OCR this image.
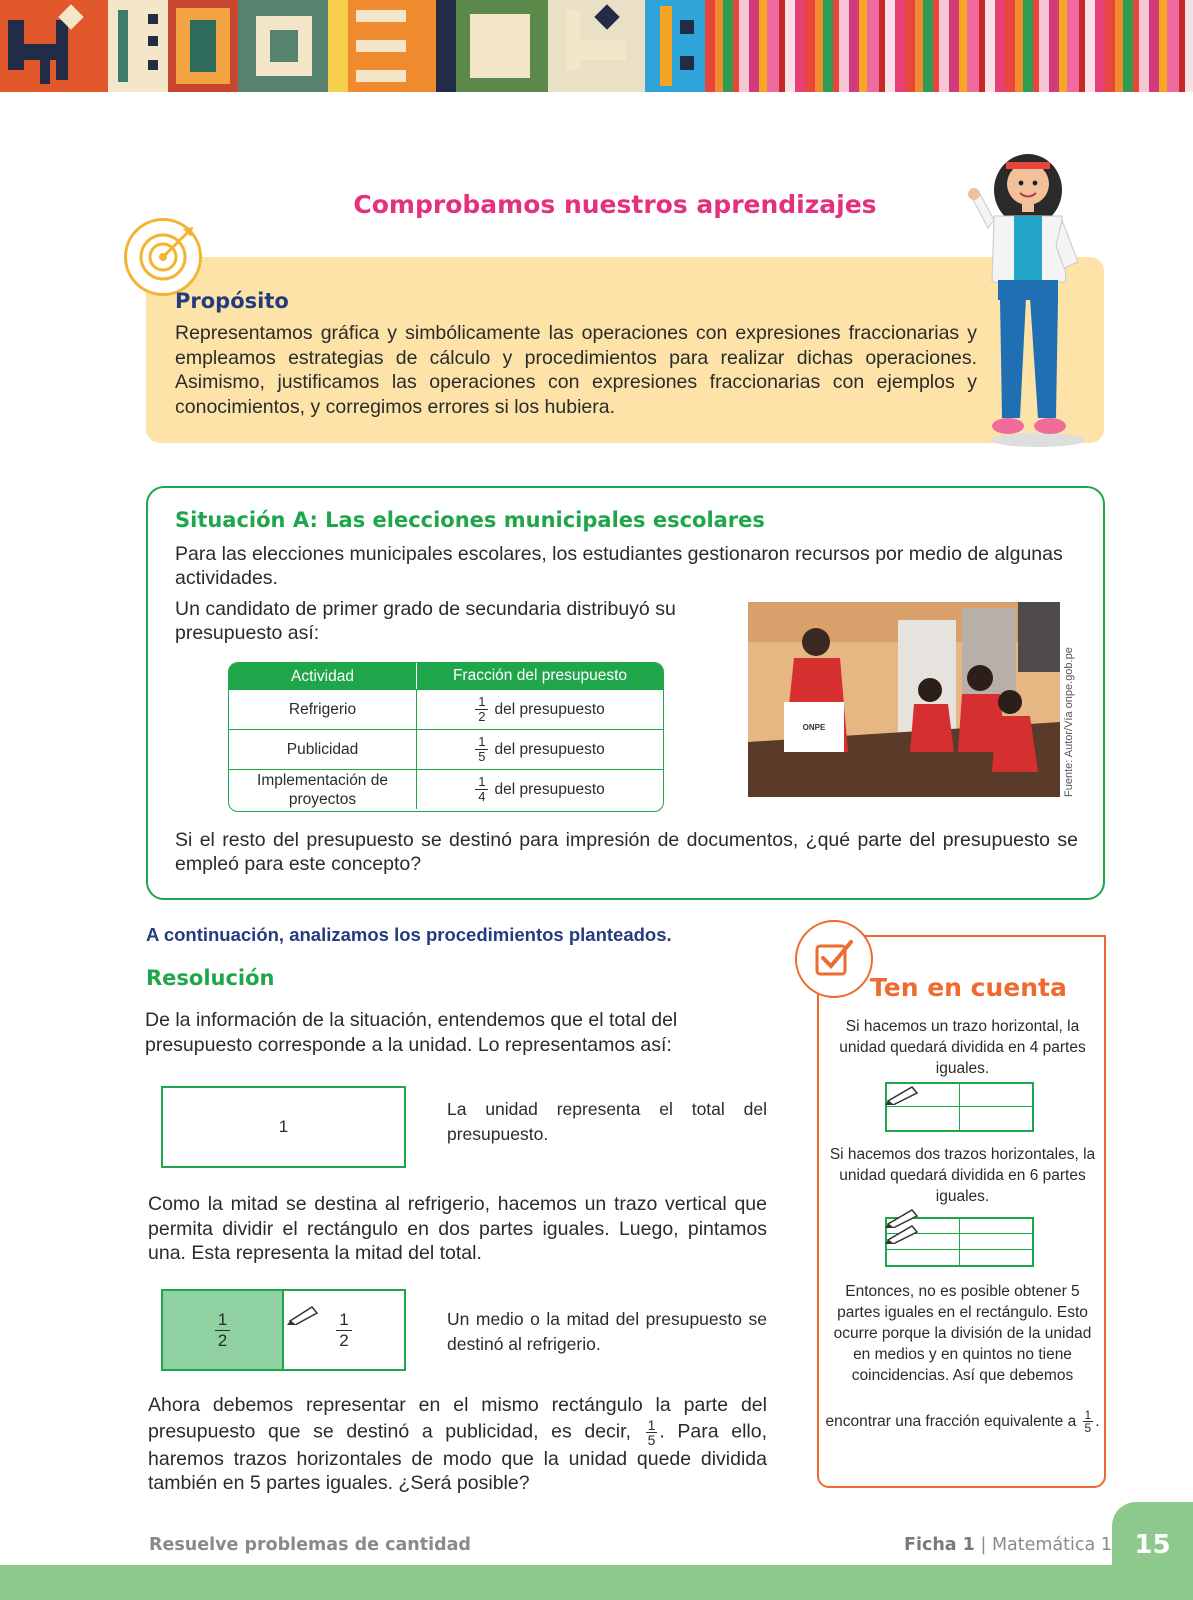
Comprobamos nuestros aprendizajes
Propósito
Representamos gráfica y simbólicamente las operaciones con expresiones fraccionarias y empleamos estrategias de cálculo y procedimientos para realizar dichas operaciones. Asimismo, justificamos las operaciones con expresiones fraccionarias con ejemplos y conocimientos, y corregimos errores si los hubiera.
Situación A: Las elecciones municipales escolares
Para las elecciones municipales escolares, los estudiantes gestionaron recursos por medio de algunas actividades.
Un candidato de primer grado de secundaria distribuyó su presupuesto así:
Actividad	Fracción del presupuesto
Refrigerio	$\frac{1}{2}$ del presupuesto
Publicidad	$\frac{1}{5}$ del presupuesto
Implementación de proyectos	$\frac{1}{4}$ del presupuesto
ONPE	Fuente: Autor/Vía onpe.gob.pe
Si el resto del presupuesto se destinó para impresión de documentos, ¿qué parte del presupuesto se empleó para este concepto?
A continuación, analizamos los procedimientos planteados.
Resolución
De la información de la situación, entendemos que el total del presupuesto corresponde a la unidad. Lo representamos así:
1
La unidad representa el total del presupuesto.
Como la mitad se destina al refrigerio, hacemos un trazo vertical que permita dividir el rectángulo en dos partes iguales. Luego, pintamos una. Esta representa la mitad del total.
$\frac{1}{2}$	$\frac{1}{2}$	Un medio o la mitad del presupuesto se destinó al refrigerio.
Ahora debemos representar en el mismo rectángulo la parte del presupuesto que se destinó a publicidad, es decir, $\frac{1}{5}$ . Para ello, haremos trazos horizontales de modo que la unidad quede dividida también en 5 partes iguales. ¿Será posible?
Ten en cuenta
Si hacemos un trazo horizontal, la unidad quedará dividida en 4 partes iguales.
Si hacemos dos trazos horizontales, la unidad quedará dividida en 6 partes iguales.
Entonces, no es posible obtener 5 partes iguales en el rectángulo. Esto ocurre porque la división de la unidad en medios y en quintos no tiene coincidencias. Así que debemos
encontrar una fracción equivalente a $\frac{1}{5}$ .
Resuelve problemas de cantidad	Ficha 1 | Matemática 1 15
